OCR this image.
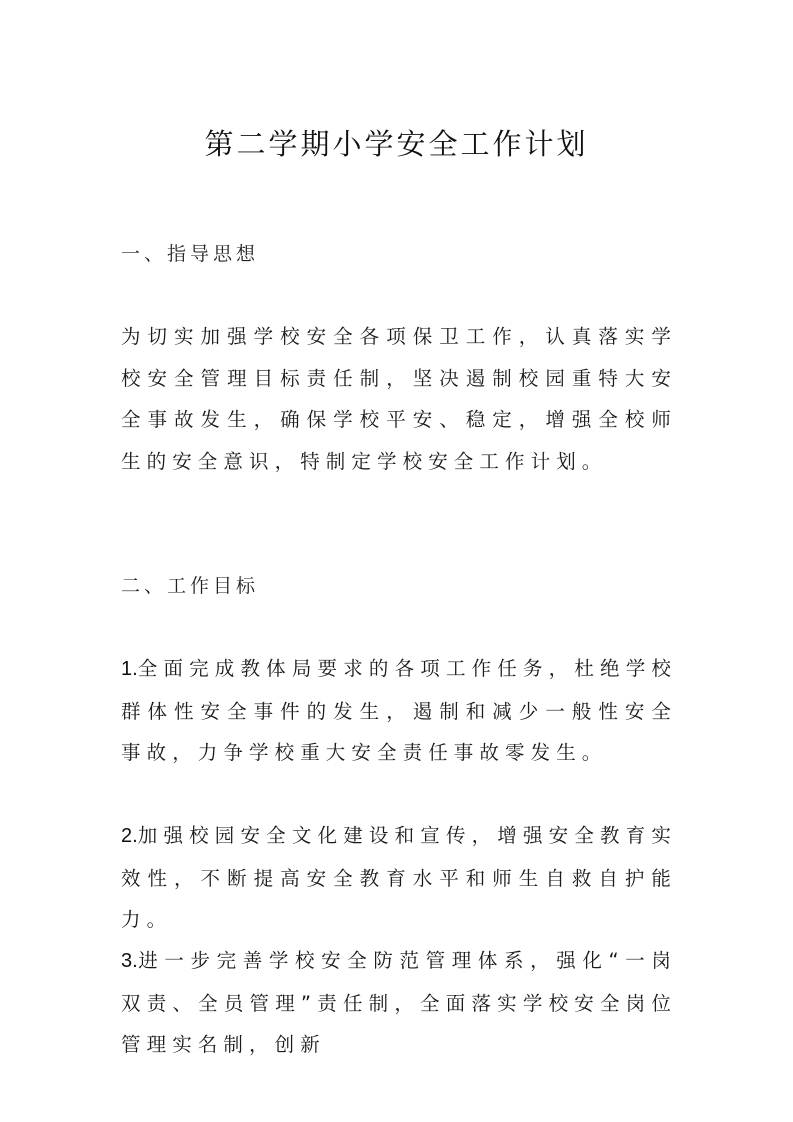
第二学期小学安全工作计划
一、指导思想

为切实加强学校安全各项保卫工作，认真落实学校安全管理目标责任制，坚决遏制校园重特大安全事故发生，确保学校平安、稳定，增强全校师生的安全意识，特制定学校安全工作计划。

二、工作目标

1.全面完成教体局要求的各项工作任务，杜绝学校群体性安全事件的发生，遏制和减少一般性安全事故，力争学校重大安全责任事故零发生。

2.加强校园安全文化建设和宣传，增强安全教育实效性，不断提高安全教育水平和师生自救自护能力。

3.进一步完善学校安全防范管理体系，强化“一岗双责、全员管理”责任制，全面落实学校安全岗位管理实名制，创新
